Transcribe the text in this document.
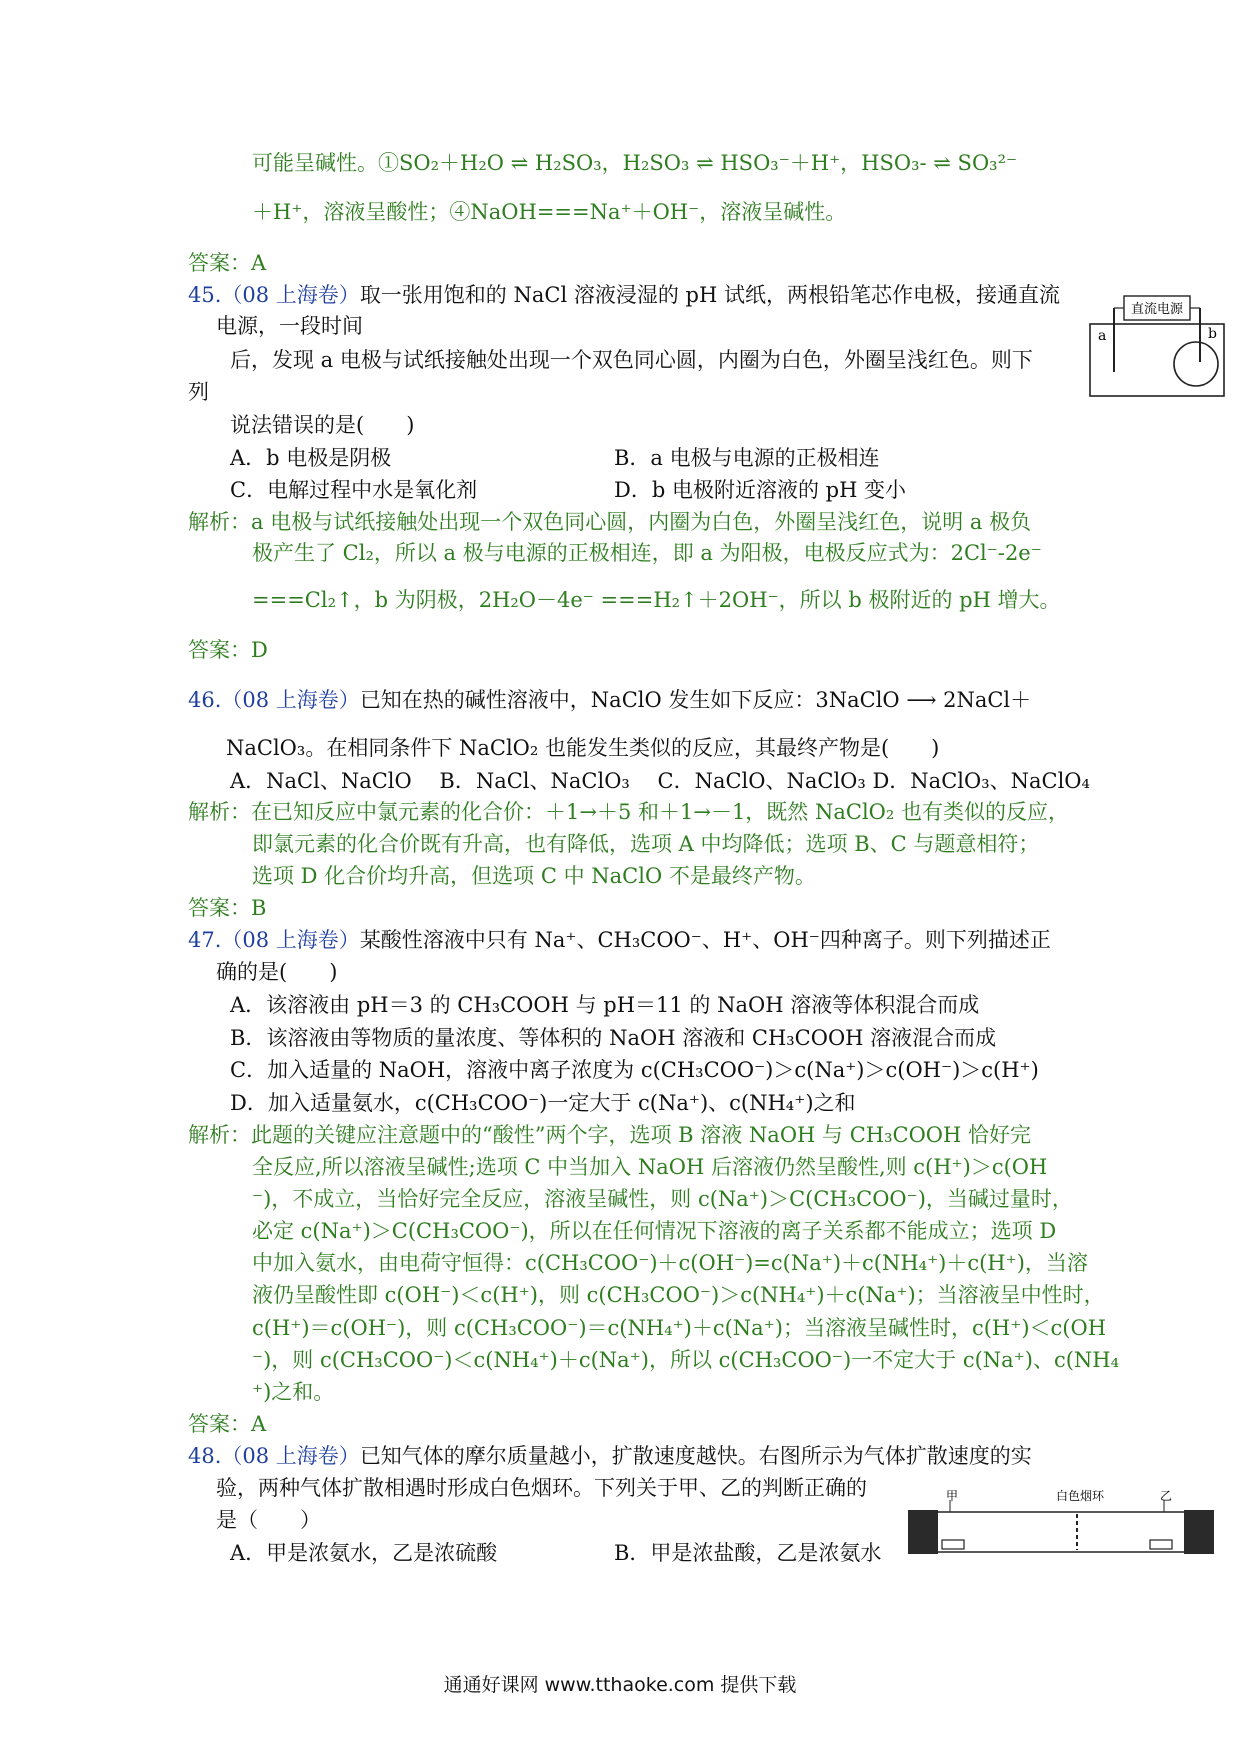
可能呈碱性。①SO₂＋H₂O ⇌ H₂SO₃，H₂SO₃ ⇌ HSO₃⁻＋H⁺，HSO₃- ⇌ SO₃²⁻
＋H⁺，溶液呈酸性；④NaOH===Na⁺＋OH⁻，溶液呈碱性。
答案：A
45.（08 上海卷）取一张用饱和的 NaCl 溶液浸湿的 pH 试纸，两根铅笔芯作电极，接通直流
电源，一段时间
后，发现 a 电极与试纸接触处出现一个双色同心圆，内圈为白色，外圈呈浅红色。则下
列
说法错误的是(　　)
A．b 电极是阴极	B．a 电极与电源的正极相连
C．电解过程中水是氧化剂	D．b 电极附近溶液的 pH 变小
解析：a 电极与试纸接触处出现一个双色同心圆，内圈为白色，外圈呈浅红色，说明 a 极负
极产生了 Cl₂，所以 a 极与电源的正极相连，即 a 为阳极，电极反应式为：2Cl⁻-2e⁻
===Cl₂↑，b 为阴极，2H₂O－4e⁻ ===H₂↑＋2OH⁻，所以 b 极附近的 pH 增大。
答案：D
直流电源
a	b
46.（08 上海卷）已知在热的碱性溶液中，NaClO 发生如下反应：3NaClO ⟶ 2NaCl＋
NaClO₃。在相同条件下 NaClO₂ 也能发生类似的反应，其最终产物是(　　)
A．NaCl、NaClO　 B．NaCl、NaClO₃　 C．NaClO、NaClO₃ D．NaClO₃、NaClO₄
解析：在已知反应中氯元素的化合价：＋1→＋5 和＋1→－1，既然 NaClO₂ 也有类似的反应，
即氯元素的化合价既有升高，也有降低，选项 A 中均降低；选项 B、C 与题意相符；
选项 D 化合价均升高，但选项 C 中 NaClO 不是最终产物。
答案：B
47.（08 上海卷）某酸性溶液中只有 Na⁺、CH₃COO⁻、H⁺、OH⁻四种离子。则下列描述正
确的是(　　)
A．该溶液由 pH＝3 的 CH₃COOH 与 pH＝11 的 NaOH 溶液等体积混合而成
B．该溶液由等物质的量浓度、等体积的 NaOH 溶液和 CH₃COOH 溶液混合而成
C．加入适量的 NaOH，溶液中离子浓度为 c(CH₃COO⁻)＞c(Na⁺)＞c(OH⁻)＞c(H⁺)
D．加入适量氨水，c(CH₃COO⁻)一定大于 c(Na⁺)、c(NH₄⁺)之和
解析：此题的关键应注意题中的“酸性”两个字，选项 B 溶液 NaOH 与 CH₃COOH 恰好完
全反应,所以溶液呈碱性;选项 C 中当加入 NaOH 后溶液仍然呈酸性,则 c(H⁺)＞c(OH
⁻)，不成立，当恰好完全反应，溶液呈碱性，则 c(Na⁺)＞C(CH₃COO⁻)，当碱过量时，
必定 c(Na⁺)＞C(CH₃COO⁻)，所以在任何情况下溶液的离子关系都不能成立；选项 D
中加入氨水，由电荷守恒得：c(CH₃COO⁻)＋c(OH⁻)=c(Na⁺)＋c(NH₄⁺)＋c(H⁺)，当溶
液仍呈酸性即 c(OH⁻)＜c(H⁺)，则 c(CH₃COO⁻)＞c(NH₄⁺)＋c(Na⁺)；当溶液呈中性时，
c(H⁺)＝c(OH⁻)，则 c(CH₃COO⁻)＝c(NH₄⁺)＋c(Na⁺)；当溶液呈碱性时，c(H⁺)＜c(OH
⁻)，则 c(CH₃COO⁻)＜c(NH₄⁺)＋c(Na⁺)，所以 c(CH₃COO⁻)一不定大于 c(Na⁺)、c(NH₄
⁺)之和。
答案：A
48.（08 上海卷）已知气体的摩尔质量越小，扩散速度越快。右图所示为气体扩散速度的实
验，两种气体扩散相遇时形成白色烟环。下列关于甲、乙的判断正确的
是（　　）
A．甲是浓氨水，乙是浓硫酸	B．甲是浓盐酸，乙是浓氨水
甲	白色烟环	乙
通通好课网 www.tthaoke.com 提供下载
